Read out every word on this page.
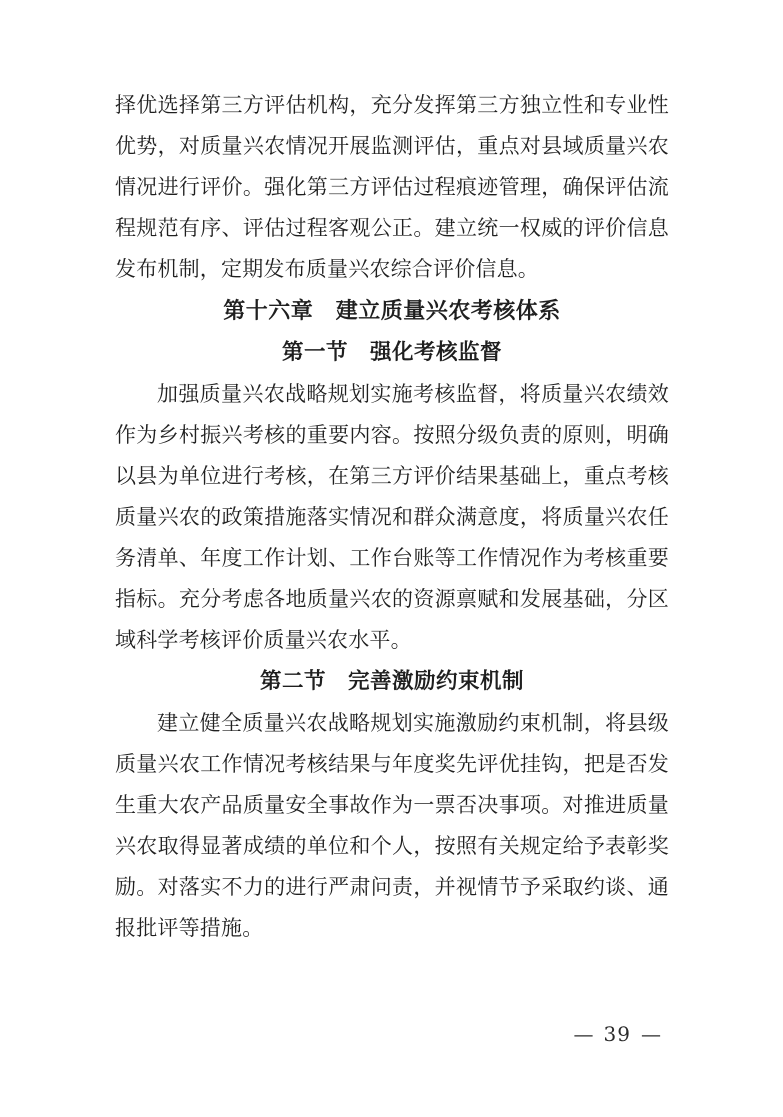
择优选择第三方评估机构，充分发挥第三方独立性和专业性优势，对质量兴农情况开展监测评估，重点对县域质量兴农情况进行评价。强化第三方评估过程痕迹管理，确保评估流程规范有序、评估过程客观公正。建立统一权威的评价信息发布机制，定期发布质量兴农综合评价信息。

第十六章　建立质量兴农考核体系
第一节　强化考核监督

加强质量兴农战略规划实施考核监督，将质量兴农绩效作为乡村振兴考核的重要内容。按照分级负责的原则，明确以县为单位进行考核，在第三方评价结果基础上，重点考核质量兴农的政策措施落实情况和群众满意度，将质量兴农任务清单、年度工作计划、工作台账等工作情况作为考核重要指标。充分考虑各地质量兴农的资源禀赋和发展基础，分区域科学考核评价质量兴农水平。

第二节　完善激励约束机制

建立健全质量兴农战略规划实施激励约束机制，将县级质量兴农工作情况考核结果与年度奖先评优挂钩，把是否发生重大农产品质量安全事故作为一票否决事项。对推进质量兴农取得显著成绩的单位和个人，按照有关规定给予表彰奖励。对落实不力的进行严肃问责，并视情节予采取约谈、通报批评等措施。

— 39 —
